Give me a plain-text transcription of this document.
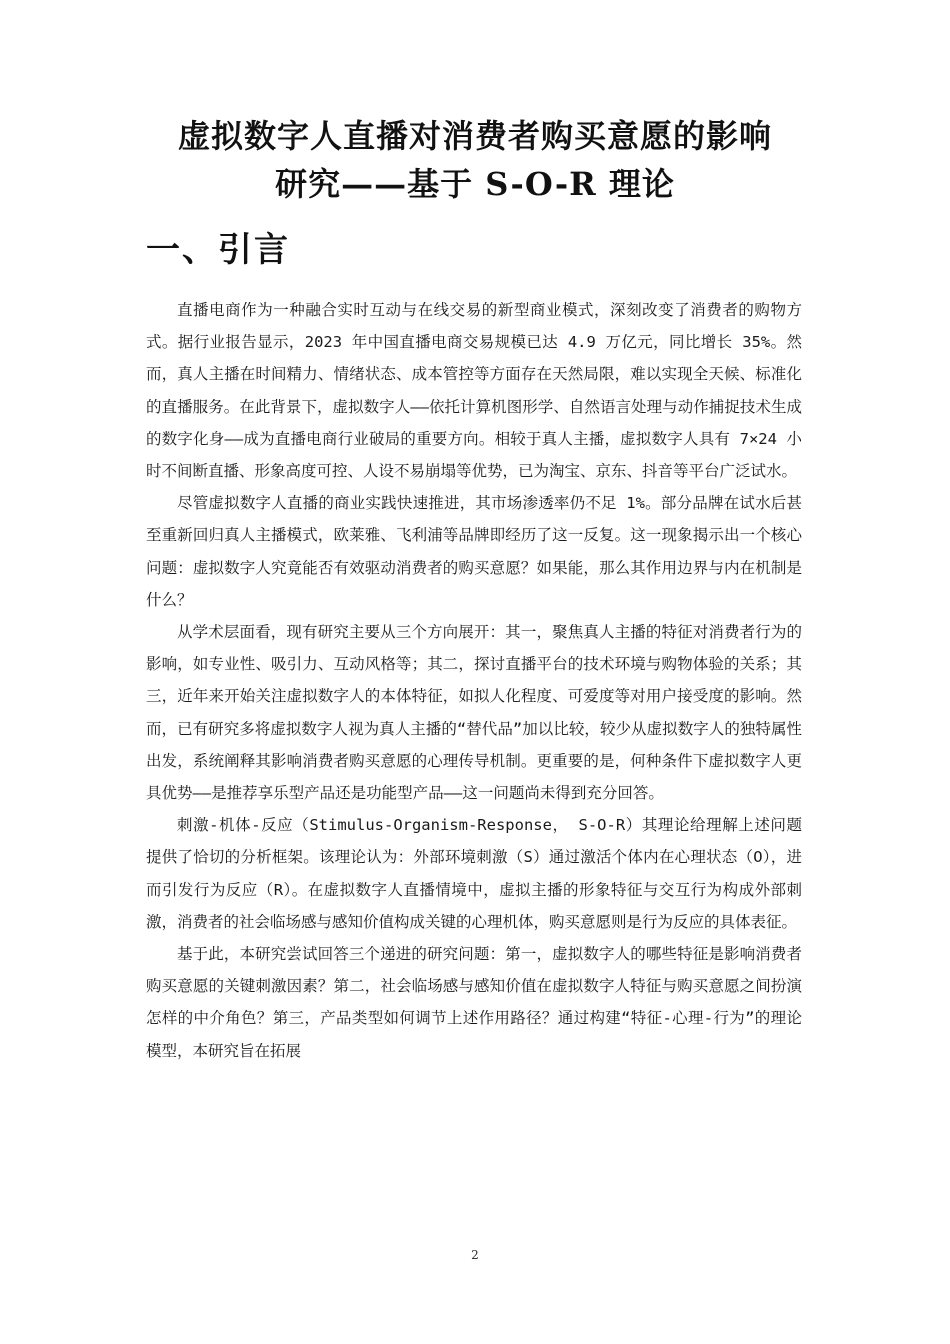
虚拟数字人直播对消费者购买意愿的影响
研究——基于 S-O-R 理论
一、引言

直播电商作为一种融合实时互动与在线交易的新型商业模式，深刻改变了消费者的购物方式。据行业报告显示，2023 年中国直播电商交易规模已达 4.9 万亿元，同比增长 35%。然而，真人主播在时间精力、情绪状态、成本管控等方面存在天然局限，难以实现全天候、标准化的直播服务。在此背景下，虚拟数字人——依托计算机图形学、自然语言处理与动作捕捉技术生成的数字化身——成为直播电商行业破局的重要方向。相较于真人主播，虚拟数字人具有 7×24 小时不间断直播、形象高度可控、人设不易崩塌等优势，已为淘宝、京东、抖音等平台广泛试水。

尽管虚拟数字人直播的商业实践快速推进，其市场渗透率仍不足 1%。部分品牌在试水后甚至重新回归真人主播模式，欧莱雅、飞利浦等品牌即经历了这一反复。这一现象揭示出一个核心问题：虚拟数字人究竟能否有效驱动消费者的购买意愿？如果能，那么其作用边界与内在机制是什么？

从学术层面看，现有研究主要从三个方向展开：其一，聚焦真人主播的特征对消费者行为的影响，如专业性、吸引力、互动风格等；其二，探讨直播平台的技术环境与购物体验的关系；其三，近年来开始关注虚拟数字人的本体特征，如拟人化程度、可爱度等对用户接受度的影响。然而，已有研究多将虚拟数字人视为真人主播的“替代品”加以比较，较少从虚拟数字人的独特属性出发，系统阐释其影响消费者购买意愿的心理传导机制。更重要的是，何种条件下虚拟数字人更具优势——是推荐享乐型产品还是功能型产品——这一问题尚未得到充分回答。

刺激-机体-反应（Stimulus-Organism-Response， S-O-R）其理论给理解上述问题提供了恰切的分析框架。该理论认为：外部环境刺激（S）通过激活个体内在心理状态（O），进而引发行为反应（R）。在虚拟数字人直播情境中，虚拟主播的形象特征与交互行为构成外部刺激，消费者的社会临场感与感知价值构成关键的心理机体，购买意愿则是行为反应的具体表征。

基于此，本研究尝试回答三个递进的研究问题：第一，虚拟数字人的哪些特征是影响消费者购买意愿的关键刺激因素？第二，社会临场感与感知价值在虚拟数字人特征与购买意愿之间扮演怎样的中介角色？第三，产品类型如何调节上述作用路径？通过构建“特征-心理-行为”的理论模型，本研究旨在拓展

2
